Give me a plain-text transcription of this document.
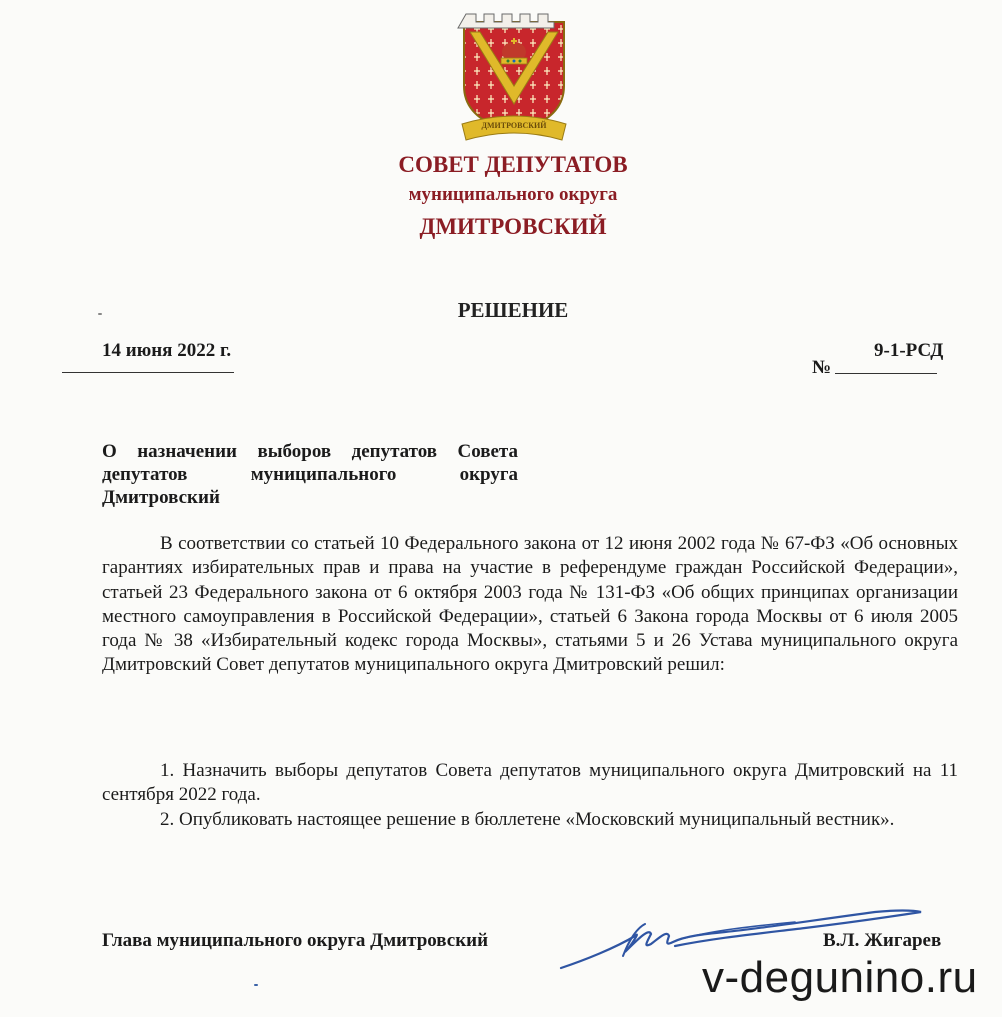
ДМИТРОВСКИЙ
СОВЕТ ДЕПУТАТОВ
муниципального округа
ДМИТРОВСКИЙ
РЕШЕНИЕ
14 июня 2022 г.
№
9-1-РСД
О назначении выборов депутатов Совета депутатов муниципального округа Дмитровский

В соответствии со статьей 10 Федерального закона от 12 июня 2002 года № 67-ФЗ «Об основных гарантиях избирательных прав и права на участие в референдуме граждан Российской Федерации», статьей 23 Федерального закона от 6 октября 2003 года № 131-ФЗ «Об общих принципах организации местного самоуправления в Российской Федерации», статьей 6 Закона города Москвы от 6 июля 2005 года № 38 «Избирательный кодекс города Москвы», статьями 5 и 26 Устава муниципального округа Дмитровский Совет депутатов муниципального округа Дмитровский решил:

1. Назначить выборы депутатов Совета депутатов муниципального округа Дмитровский на 11 сентября 2022 года.

2. Опубликовать настоящее решение в бюллетене «Московский муниципальный вестник».

Глава муниципального округа Дмитровский	В.Л. Жигарев
v-degunino.ru
